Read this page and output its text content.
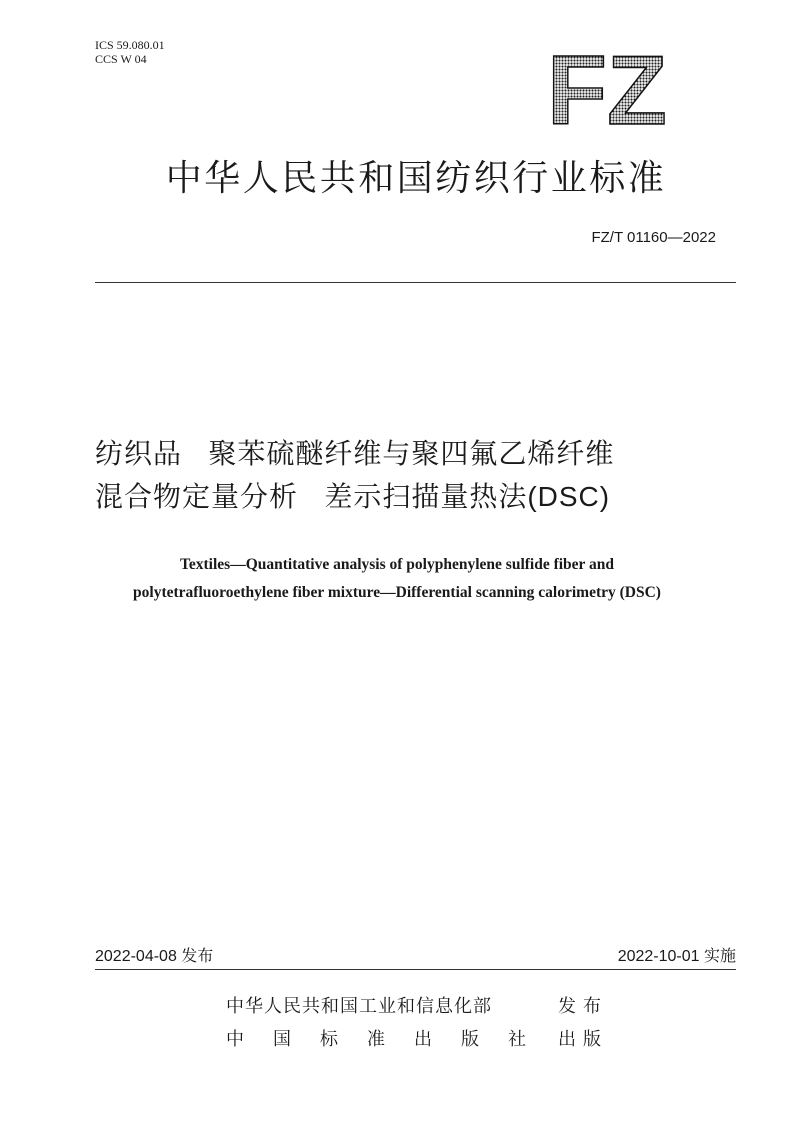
ICS 59.080.01
CCS W 04	FZ
中华人民共和国纺织行业标准
FZ/T 01160—2022
纺织品   聚苯硫醚纤维与聚四氟乙烯纤维
混合物定量分析   差示扫描量热法(DSC)
Textiles—Quantitative analysis of polyphenylene sulfide fiber and
polytetrafluoroethylene fiber mixture—Differential scanning calorimetry (DSC)
2022-04-08 发布	2022-10-01 实施
中华人民共和国工业和信息化部	发 布
中 国 标 准 出 版 社 出 版
